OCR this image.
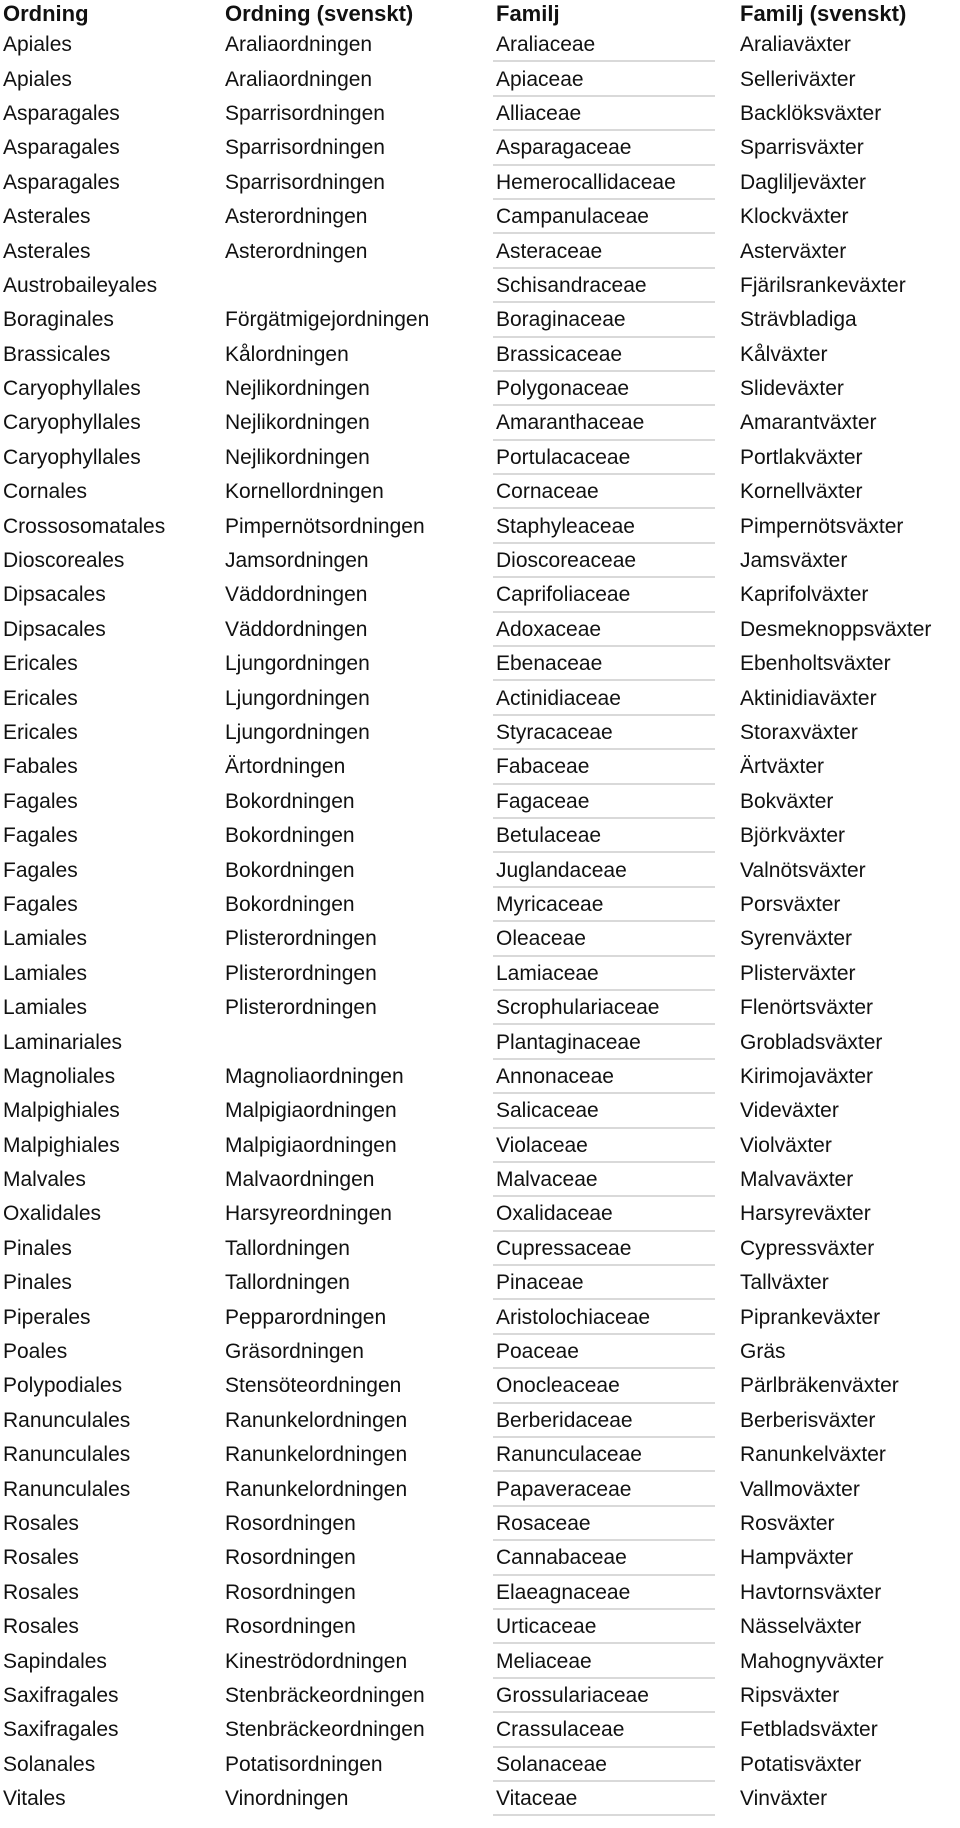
Ordning	Ordning (svenskt)	Familj	Familj (svenskt)
Apiales	Araliaordningen	Araliaceae	Araliaväxter
Apiales	Araliaordningen	Apiaceae	Selleriväxter
Asparagales	Sparrisordningen	Alliaceae	Backlöksväxter
Asparagales	Sparrisordningen	Asparagaceae	Sparrisväxter
Asparagales	Sparrisordningen	Hemerocallidaceae	Dagliljeväxter
Asterales	Asterordningen	Campanulaceae	Klockväxter
Asterales	Asterordningen	Asteraceae	Asterväxter
Austrobaileyales		Schisandraceae	Fjärilsrankeväxter
Boraginales	Förgätmigejordningen	Boraginaceae	Strävbladiga
Brassicales	Kålordningen	Brassicaceae	Kålväxter
Caryophyllales	Nejlikordningen	Polygonaceae	Slideväxter
Caryophyllales	Nejlikordningen	Amaranthaceae	Amarantväxter
Caryophyllales	Nejlikordningen	Portulacaceae	Portlakväxter
Cornales	Kornellordningen	Cornaceae	Kornellväxter
Crossosomatales	Pimpernötsordningen	Staphyleaceae	Pimpernötsväxter
Dioscoreales	Jamsordningen	Dioscoreaceae	Jamsväxter
Dipsacales	Väddordningen	Caprifoliaceae	Kaprifolväxter
Dipsacales	Väddordningen	Adoxaceae	Desmeknoppsväxter
Ericales	Ljungordningen	Ebenaceae	Ebenholtsväxter
Ericales	Ljungordningen	Actinidiaceae	Aktinidiaväxter
Ericales	Ljungordningen	Styracaceae	Storaxväxter
Fabales	Ärtordningen	Fabaceae	Ärtväxter
Fagales	Bokordningen	Fagaceae	Bokväxter
Fagales	Bokordningen	Betulaceae	Björkväxter
Fagales	Bokordningen	Juglandaceae	Valnötsväxter
Fagales	Bokordningen	Myricaceae	Porsväxter
Lamiales	Plisterordningen	Oleaceae	Syrenväxter
Lamiales	Plisterordningen	Lamiaceae	Plisterväxter
Lamiales	Plisterordningen	Scrophulariaceae	Flenörtsväxter
Laminariales		Plantaginaceae	Grobladsväxter
Magnoliales	Magnoliaordningen	Annonaceae	Kirimojaväxter
Malpighiales	Malpigiaordningen	Salicaceae	Videväxter
Malpighiales	Malpigiaordningen	Violaceae	Violväxter
Malvales	Malvaordningen	Malvaceae	Malvaväxter
Oxalidales	Harsyreordningen	Oxalidaceae	Harsyreväxter
Pinales	Tallordningen	Cupressaceae	Cypressväxter
Pinales	Tallordningen	Pinaceae	Tallväxter
Piperales	Pepparordningen	Aristolochiaceae	Piprankeväxter
Poales	Gräsordningen	Poaceae	Gräs
Polypodiales	Stensöteordningen	Onocleaceae	Pärlbräkenväxter
Ranunculales	Ranunkelordningen	Berberidaceae	Berberisväxter
Ranunculales	Ranunkelordningen	Ranunculaceae	Ranunkelväxter
Ranunculales	Ranunkelordningen	Papaveraceae	Vallmoväxter
Rosales	Rosordningen	Rosaceae	Rosväxter
Rosales	Rosordningen	Cannabaceae	Hampväxter
Rosales	Rosordningen	Elaeagnaceae	Havtornsväxter
Rosales	Rosordningen	Urticaceae	Nässelväxter
Sapindales	Kineströdordningen	Meliaceae	Mahognyväxter
Saxifragales	Stenbräckeordningen	Grossulariaceae	Ripsväxter
Saxifragales	Stenbräckeordningen	Crassulaceae	Fetbladsväxter
Solanales	Potatisordningen	Solanaceae	Potatisväxter
Vitales	Vinordningen	Vitaceae	Vinväxter
